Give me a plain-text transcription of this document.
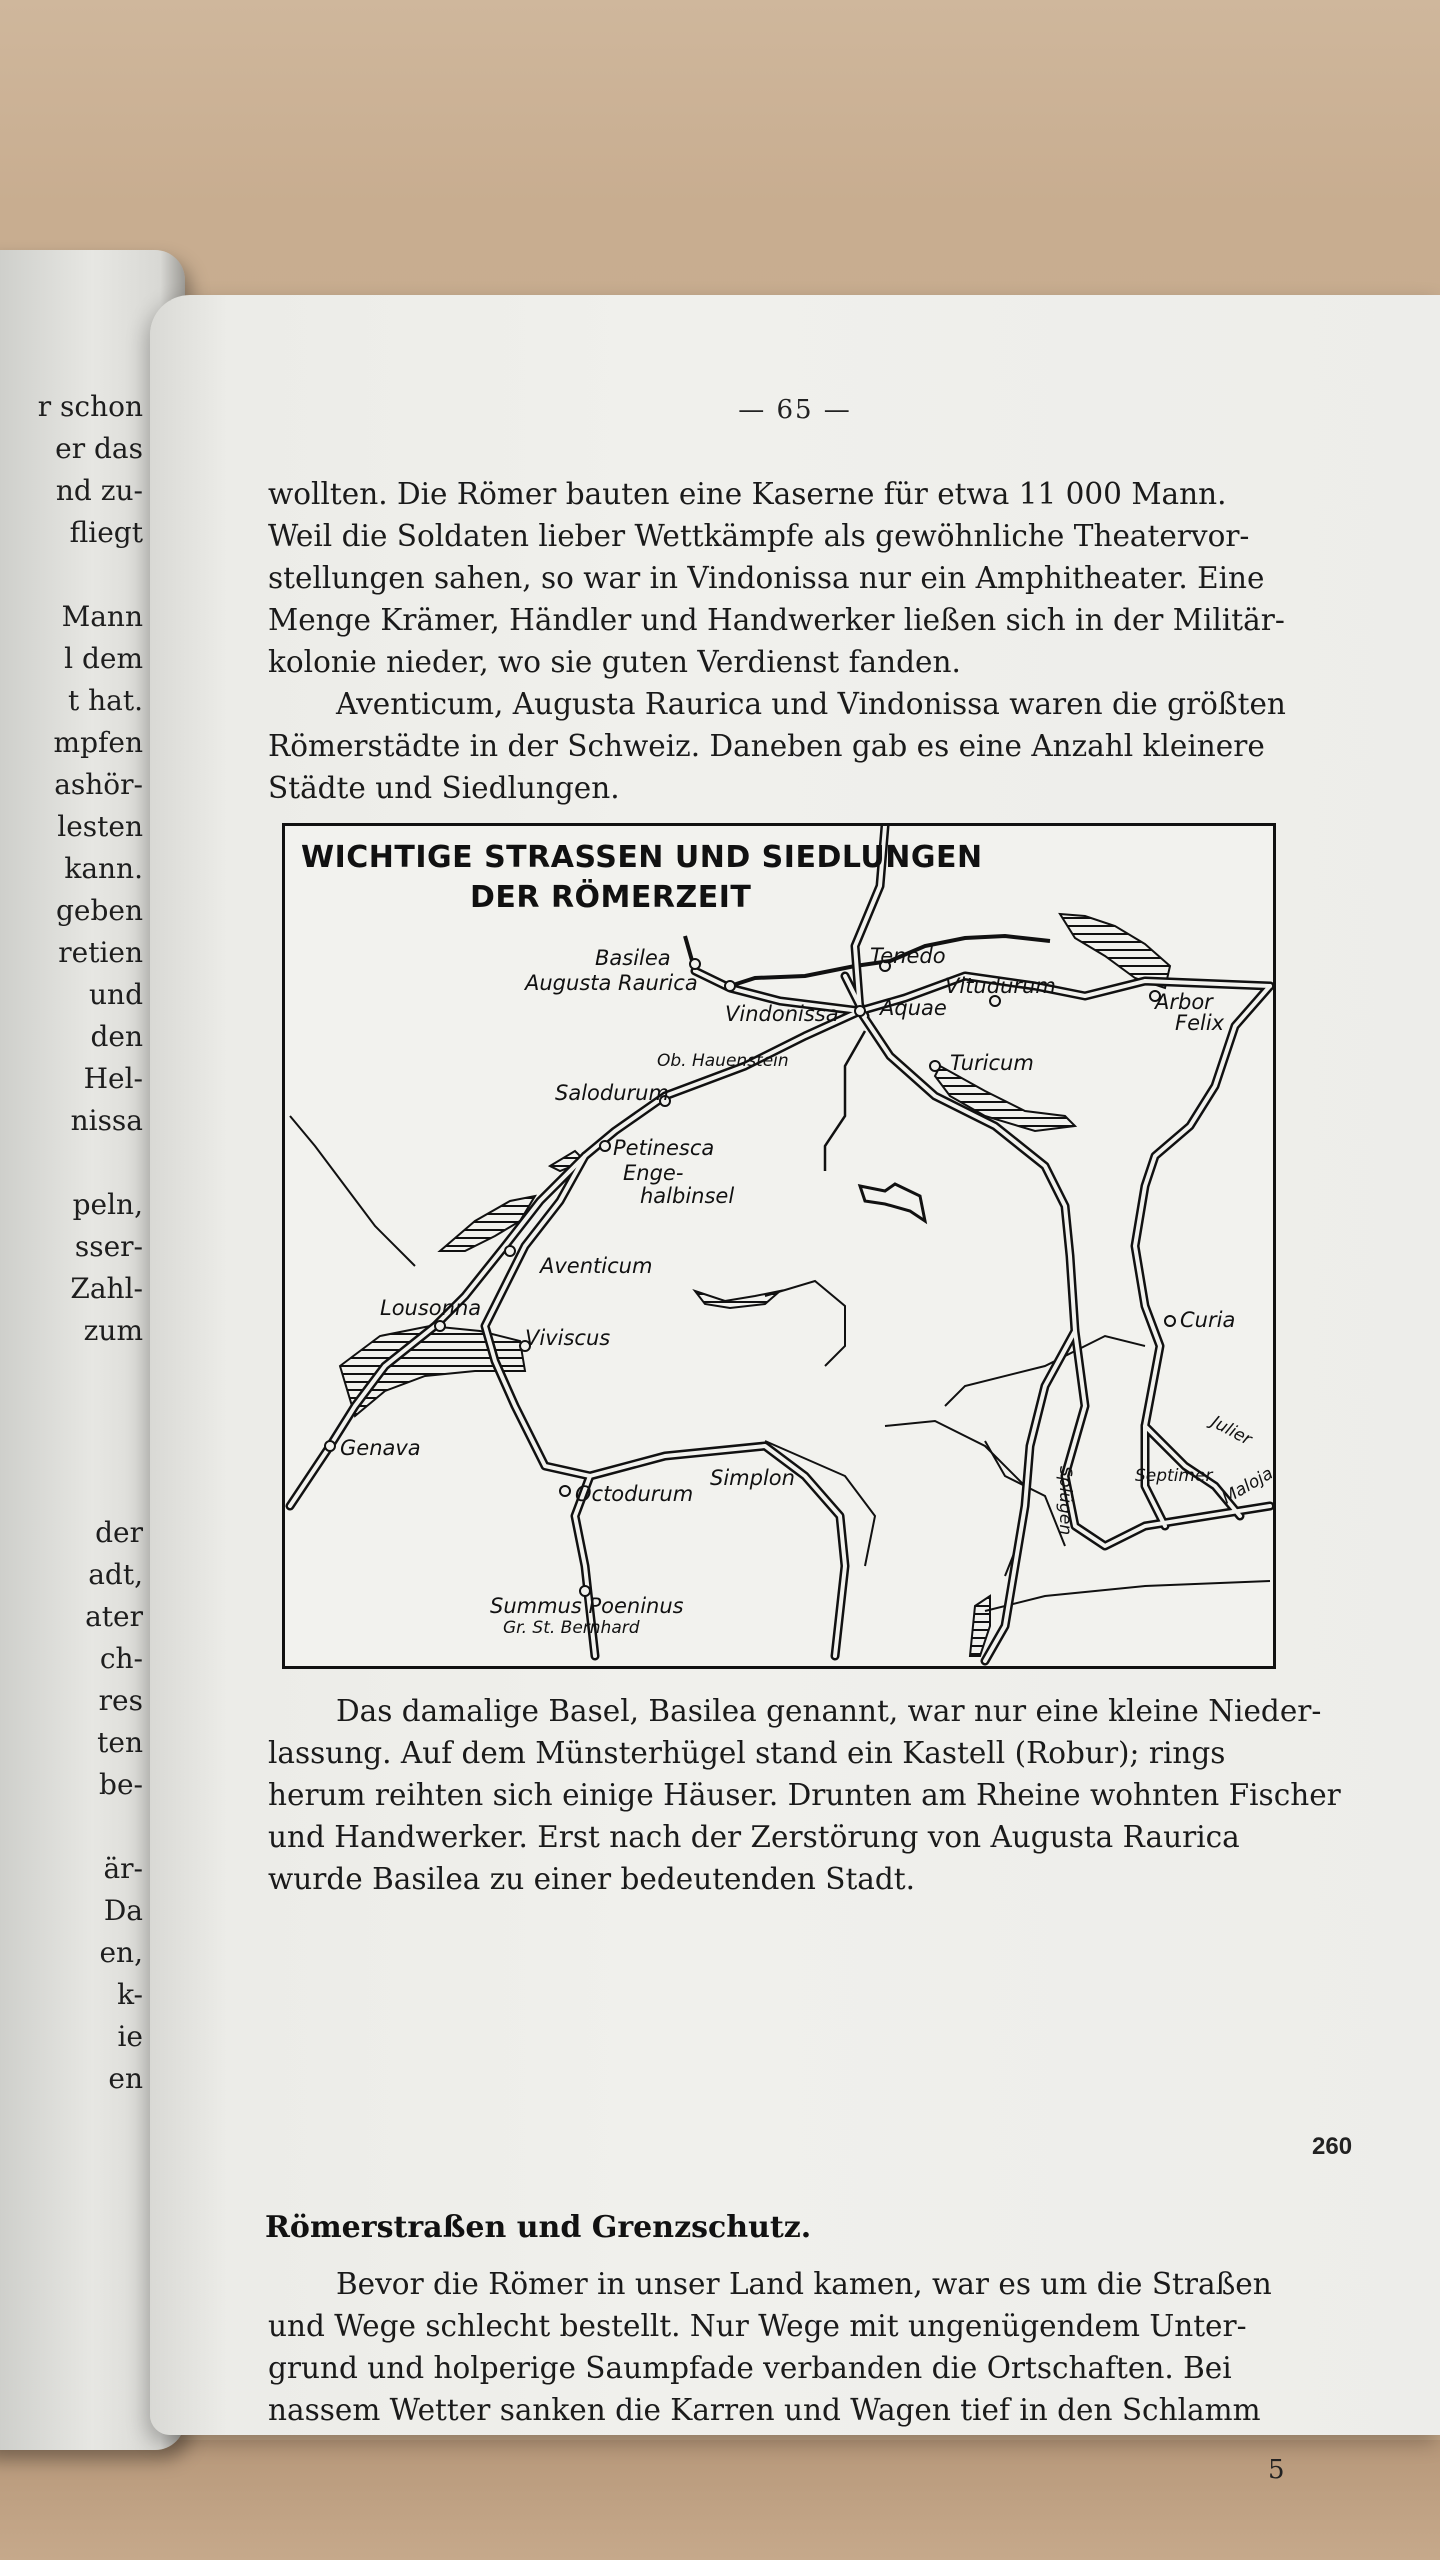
r schon
er das
nd zu-
fliegt
Mann
l dem
t hat.
mpfen
ashör-
lesten
kann.
geben
retien
und
den
Hel-
nissa
peln,
sser-
Zahl-
zum
der
adt,
ater
ch-
res
ten
be-
är-
Da
en,
k-
ie
en
— 65 —
wollten. Die Römer bauten eine Kaserne für etwa 11 000 Mann.
Weil die Soldaten lieber Wettkämpfe als gewöhnliche Theatervor-
stellungen sahen, so war in Vindonissa nur ein Amphitheater. Eine
Menge Krämer, Händler und Handwerker ließen sich in der Militär-
kolonie nieder, wo sie guten Verdienst fanden.
Aventicum, Augusta Raurica und Vindonissa waren die größten
Römerstädte in der Schweiz. Daneben gab es eine Anzahl kleinere
Städte und Siedlungen.
WICHTIGE STRASSEN UND SIEDLUNGEN
DER RÖMERZEIT
Basilea
Augusta Raurica
Tenedo
Vitudurum
Arbor
Felix
Vindonissa Aquae
Ob. Hauenstein	Turicum
Salodurum
Petinesca
Enge-
halbinsel
Aventicum
Lousonna
Viviscus
Curia
Genava
Simplon
Octodurum
Julier
Septimer Maloja
Splügen
Summus Poeninus
Gr. St. Bernhard
Das damalige Basel, Basilea genannt, war nur eine kleine Nieder-
lassung. Auf dem Münsterhügel stand ein Kastell (Robur); rings
herum reihten sich einige Häuser. Drunten am Rheine wohnten Fischer
und Handwerker. Erst nach der Zerstörung von Augusta Raurica
wurde Basilea zu einer bedeutenden Stadt.
Römerstraßen und Grenzschutz.
Bevor die Römer in unser Land kamen, war es um die Straßen
und Wege schlecht bestellt. Nur Wege mit ungenügendem Unter-
grund und holperige Saumpfade verbanden die Ortschaften. Bei
nassem Wetter sanken die Karren und Wagen tief in den Schlamm
5
260
